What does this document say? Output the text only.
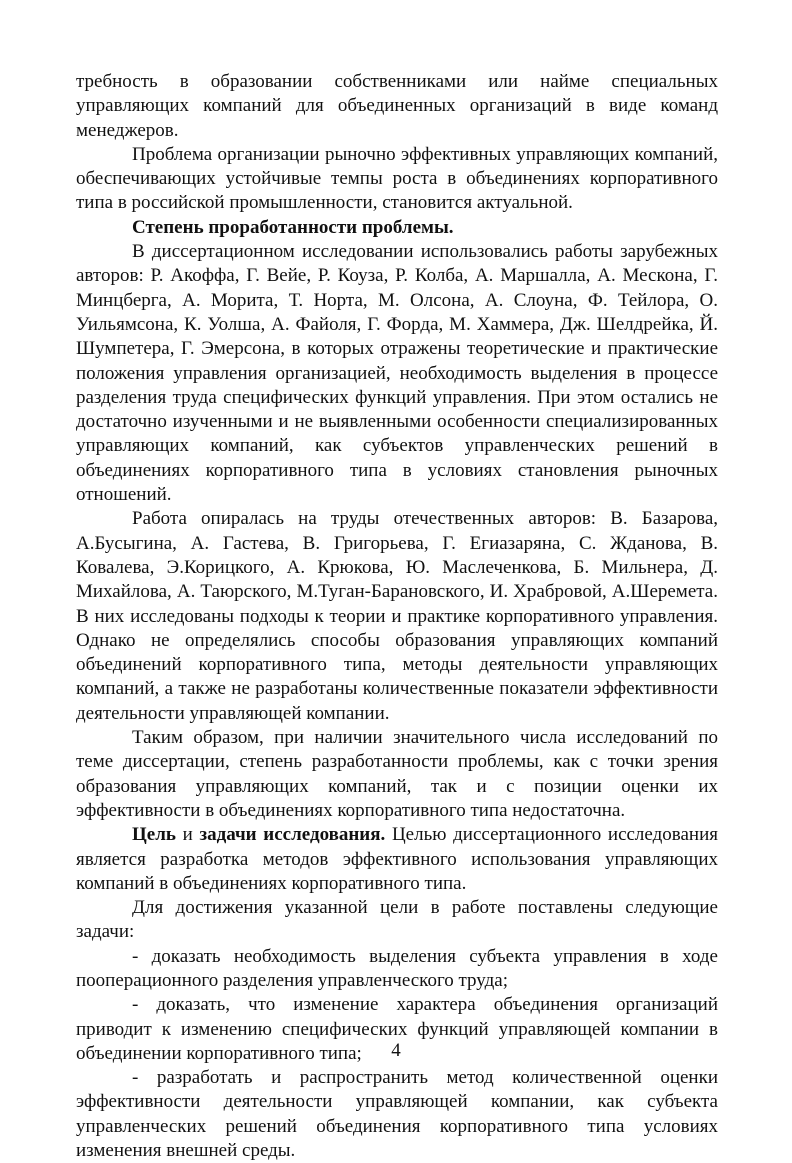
требность в образовании собственниками или найме специальных управляющих компаний для объединенных организаций в виде команд менеджеров.

Проблема организации рыночно эффективных управляющих компаний, обеспечивающих устойчивые темпы роста в объединениях корпоративного типа в российской промышленности, становится актуальной.

Степень проработанности проблемы.

В диссертационном исследовании использовались работы зарубежных авторов: Р. Акоффа, Г. Вейе, Р. Коуза, Р. Колба, А. Маршалла, А. Мескона, Г. Минцберга, А. Морита, Т. Норта, М. Олсона, А. Слоуна, Ф. Тейлора, О. Уильямсона, К. Уолша, А. Файоля, Г. Форда, М. Хаммера, Дж. Шелдрейка, Й. Шумпетера, Г. Эмерсона, в которых отражены теоретические и практические положения управления организацией, необходимость выделения в процессе разделения труда специфических функций управления. При этом остались не достаточно изученными и не выявленными особенности специализированных управляющих компаний, как субъектов управленческих решений в объединениях корпоративного типа в условиях становления рыночных отношений.

Работа опиралась на труды отечественных авторов: В. Базарова, А.Бусыгина, А. Гастева, В. Григорьева, Г. Егиазаряна, С. Жданова, В. Ковалева, Э.Корицкого, А. Крюкова, Ю. Маслеченкова, Б. Мильнера, Д. Михайлова, А. Таюрского, М.Туган-Барановского, И. Храбровой, А.Шеремета. В них исследованы подходы к теории и практике корпоративного управления. Однако не определялись способы образования управляющих компаний объединений корпоративного типа, методы деятельности управляющих компаний, а также не разработаны количественные показатели эффективности деятельности управляющей компании.

Таким образом, при наличии значительного числа исследований по теме диссертации, степень разработанности проблемы, как с точки зрения образования управляющих компаний, так и с позиции оценки их эффективности в объединениях корпоративного типа недостаточна.

Цель и задачи исследования. Целью диссертационного исследования является разработка методов эффективного использования управляющих компаний в объединениях корпоративного типа.

Для достижения указанной цели в работе поставлены следующие задачи:

- доказать необходимость выделения субъекта управления в ходе пооперационного разделения управленческого труда;

- доказать, что изменение характера объединения организаций приводит к изменению специфических функций управляющей компании в объединении корпоративного типа;

- разработать и распространить метод количественной оценки эффективности деятельности управляющей компании, как субъекта управленческих решений объединения корпоративного типа условиях изменения внешней среды.

4
